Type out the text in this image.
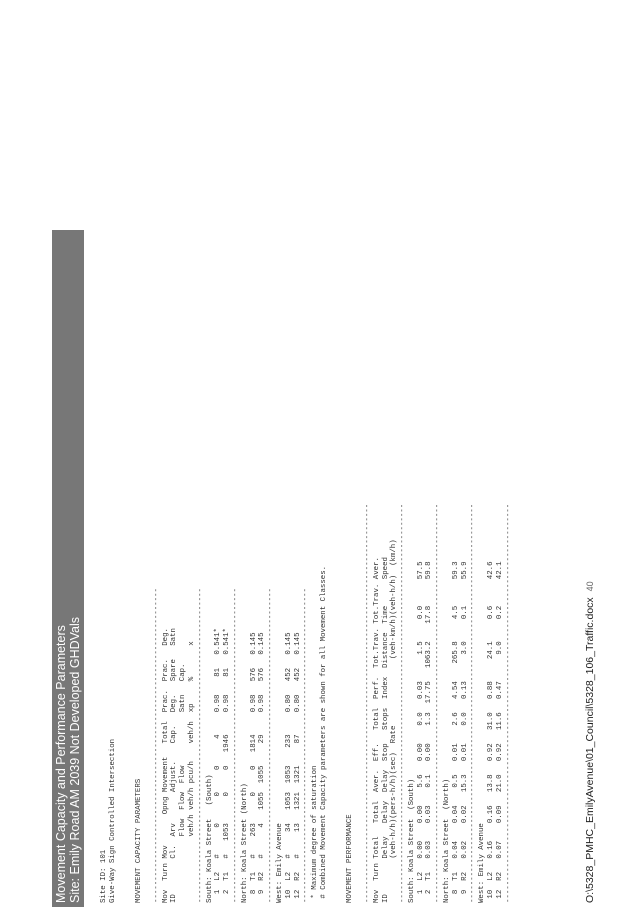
Movement Capacity and Performance Parameters Site: Emily Road AM 2039 Not Developed GHDVals Site ID: 101 Give-Way Sign Controlled Intersection MOVEMENT CAPACITY PARAMETERS ----------------------------------------------------------------------- Mov  Turn Mov       Opng Movement   Total  Prac.  Prac.   Deg. ID        Cl.  Arv       Adjust.    Cap.   Deg.   Spare   Satn Flow  Flow  Flow            Satn   Cap. veh/h veh/h pcu/h    veh/h  xp     %       x ----------------------------------------------------------------------- South: Koala Street   (South) 1  L2   #      0      0     0      4     0.98    81   0.541* 2  T1   #   1053      0     0   1946     0.98    81   0.541* ----------------------------------------------------------------------- North: Koala Street (North) 8  T1   #    263      0     0   1814     0.98   576   0.145 9  R2   #      4   1055  1055     29     0.98   576   0.145 ----------------------------------------------------------------------- West: Emily Avenue 10  L2   #     34   1053  1053    233     0.80   452   0.145 12  R2   #     13   1321  1321     87     0.80   452   0.145 ----------------------------------------------------------------------- * Maximum degree of saturation # Combined Movement Capacity parameters are shown for all Movement Classes. MOVEMENT PERFORMANCE ------------------------------------------------------------------------------------------ Mov  Turn Total   Total  Aver.  Eff.   Total  Perf.  Tot.Trav. Tot.Trav. Aver. ID        Delay   Delay  Delay  Stop   Stops  Index  Distance  Time      Speed (veh-h/h)(pers-h/h)(sec)  Rate               (veh-km/h)(veh-h/h)  (km/h) ------------------------------------------------------------------------------------------ South: Koala Street  (South) 1  L2   0.00    0.00    5.6   0.00    0.0   0.03      1.5     0.0      57.5 2  T1   0.03    0.03    0.1   0.00    1.3  17.75   1063.2    17.8      59.8 ------------------------------------------------------------------------------------------ North: Koala Street  (North) 8  T1   0.04    0.04    0.5   0.01    2.6   4.54    265.8     4.5      59.3 9  R2   0.02    0.02   15.3   0.01    0.0   0.13      3.0     0.1      55.9 ------------------------------------------------------------------------------------------ West: Emily Avenue 10  L2   0.16    0.16   13.8   0.92   31.0   0.88     24.1     0.6      42.6 12  R2   0.07    0.09   21.0   0.92   11.6   0.47      9.0     0.2      42.1 ------------------------------------------------------------------------------------------	O:\5328_PMHC_EmilyAvenue\01_Council\5328_106_Traffic.docx40
